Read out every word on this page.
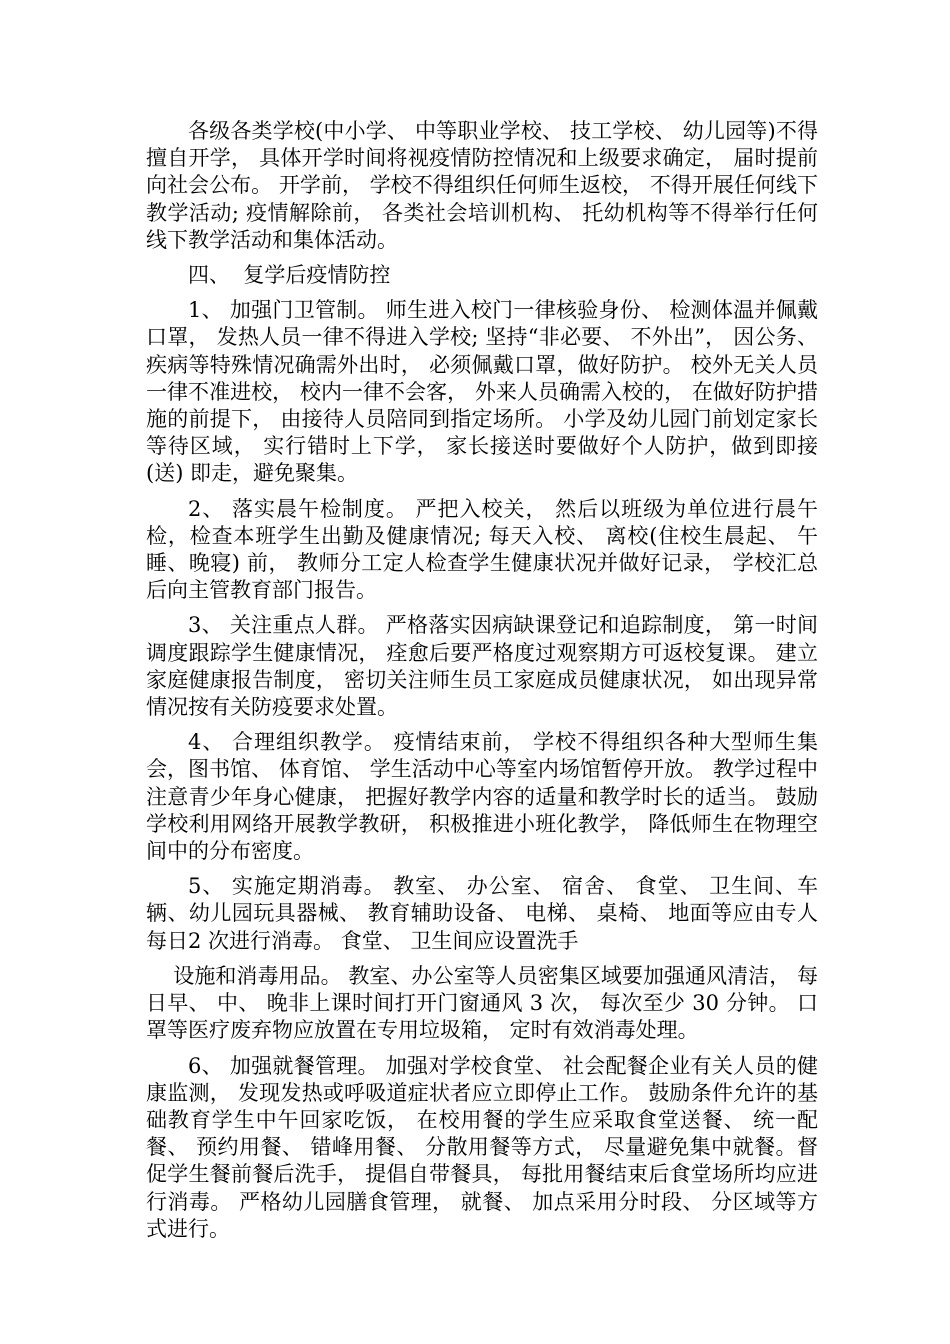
各级各类学校(中小学、 中等职业学校、 技工学校、 幼儿园等)不得擅自开学， 具体开学时间将视疫情防控情况和上级要求确定， 届时提前向社会公布。 开学前， 学校不得组织任何师生返校， 不得开展任何线下教学活动; 疫情解除前， 各类社会培训机构、 托幼机构等不得举行任何线下教学活动和集体活动。

四、  复学后疫情防控

1、 加强门卫管制。 师生进入校门一律核验身份、 检测体温并佩戴口罩， 发热人员一律不得进入学校; 坚持“非必要、 不外出”， 因公务、 疾病等特殊情况确需外出时， 必须佩戴口罩，做好防护。 校外无关人员一律不准进校， 校内一律不会客， 外来人员确需入校的， 在做好防护措施的前提下， 由接待人员陪同到指定场所。 小学及幼儿园门前划定家长等待区域， 实行错时上下学， 家长接送时要做好个人防护，做到即接(送) 即走，避免聚集。

2、 落实晨午检制度。 严把入校关， 然后以班级为单位进行晨午检，检查本班学生出勤及健康情况; 每天入校、 离校(住校生晨起、 午睡、晚寝) 前， 教师分工定人检查学生健康状况并做好记录， 学校汇总后向主管教育部门报告。

3、 关注重点人群。 严格落实因病缺课登记和追踪制度， 第一时间调度跟踪学生健康情况， 痊愈后要严格度过观察期方可返校复课。 建立家庭健康报告制度， 密切关注师生员工家庭成员健康状况， 如出现异常情况按有关防疫要求处置。

4、 合理组织教学。 疫情结束前， 学校不得组织各种大型师生集会，图书馆、 体育馆、 学生活动中心等室内场馆暂停开放。 教学过程中注意青少年身心健康， 把握好教学内容的适量和教学时长的适当。 鼓励学校利用网络开展教学教研， 积极推进小班化教学， 降低师生在物理空间中的分布密度。

5、 实施定期消毒。 教室、 办公室、 宿舍、 食堂、 卫生间、车辆、幼儿园玩具器械、 教育辅助设备、 电梯、 桌椅、 地面等应由专人每日2 次进行消毒。 食堂、 卫生间应设置洗手

设施和消毒用品。 教室、办公室等人员密集区域要加强通风清洁， 每日早、 中、 晚非上课时间打开门窗通风 3 次， 每次至少 30 分钟。 口罩等医疗废弃物应放置在专用垃圾箱， 定时有效消毒处理。

6、 加强就餐管理。 加强对学校食堂、 社会配餐企业有关人员的健康监测， 发现发热或呼吸道症状者应立即停止工作。 鼓励条件允许的基础教育学生中午回家吃饭， 在校用餐的学生应采取食堂送餐、 统一配餐、 预约用餐、 错峰用餐、 分散用餐等方式， 尽量避免集中就餐。督促学生餐前餐后洗手， 提倡自带餐具， 每批用餐结束后食堂场所均应进行消毒。 严格幼儿园膳食管理， 就餐、 加点采用分时段、 分区域等方式进行。
